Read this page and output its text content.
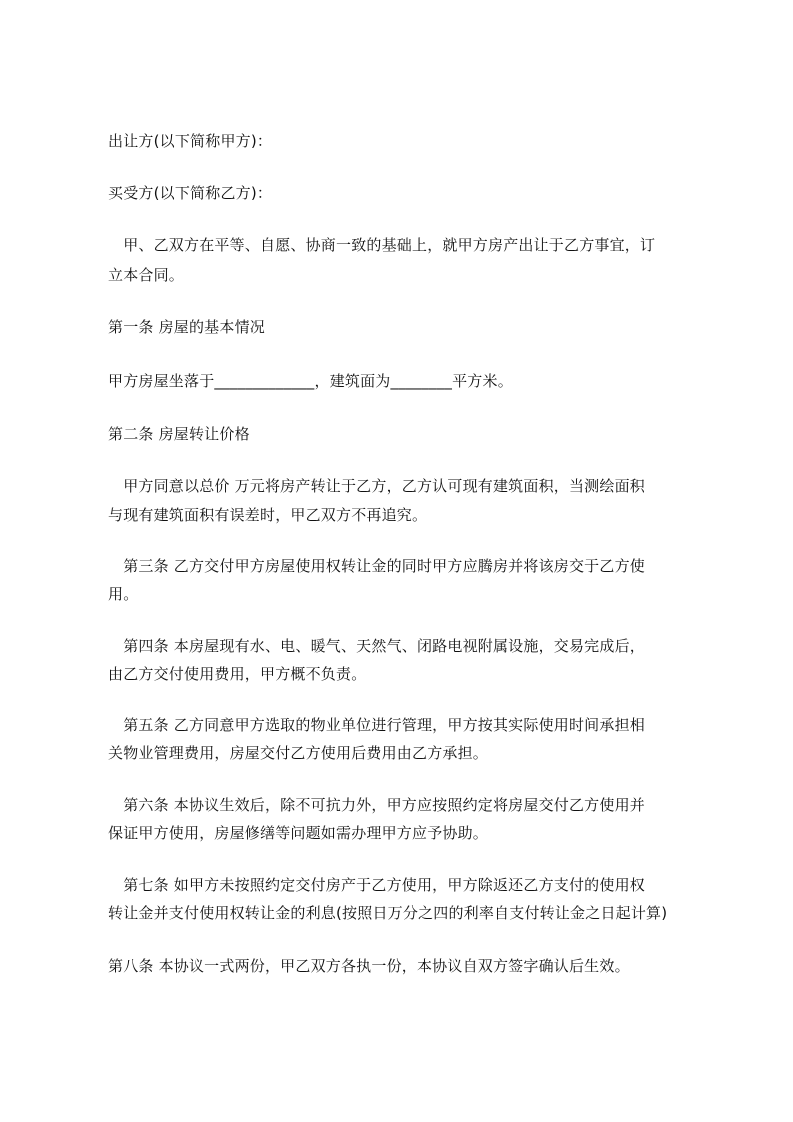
出让方(以下简称甲方)：
买受方(以下简称乙方)：
　甲、乙双方在平等、自愿、协商一致的基础上，就甲方房产出让于乙方事宜，订
立本合同。
第一条 房屋的基本情况
甲方房屋坐落于_____________，建筑面为________平方米。
第二条 房屋转让价格
　甲方同意以总价 万元将房产转让于乙方，乙方认可现有建筑面积，当测绘面积
与现有建筑面积有误差时，甲乙双方不再追究。
　第三条 乙方交付甲方房屋使用权转让金的同时甲方应腾房并将该房交于乙方使
用。
　第四条 本房屋现有水、电、暖气、天然气、闭路电视附属设施，交易完成后，
由乙方交付使用费用，甲方概不负责。
　第五条 乙方同意甲方选取的物业单位进行管理，甲方按其实际使用时间承担相
关物业管理费用，房屋交付乙方使用后费用由乙方承担。
　第六条 本协议生效后，除不可抗力外，甲方应按照约定将房屋交付乙方使用并
保证甲方使用，房屋修缮等问题如需办理甲方应予协助。
　第七条 如甲方未按照约定交付房产于乙方使用，甲方除返还乙方支付的使用权
转让金并支付使用权转让金的利息(按照日万分之四的利率自支付转让金之日起计算)
第八条 本协议一式两份，甲乙双方各执一份，本协议自双方签字确认后生效。
